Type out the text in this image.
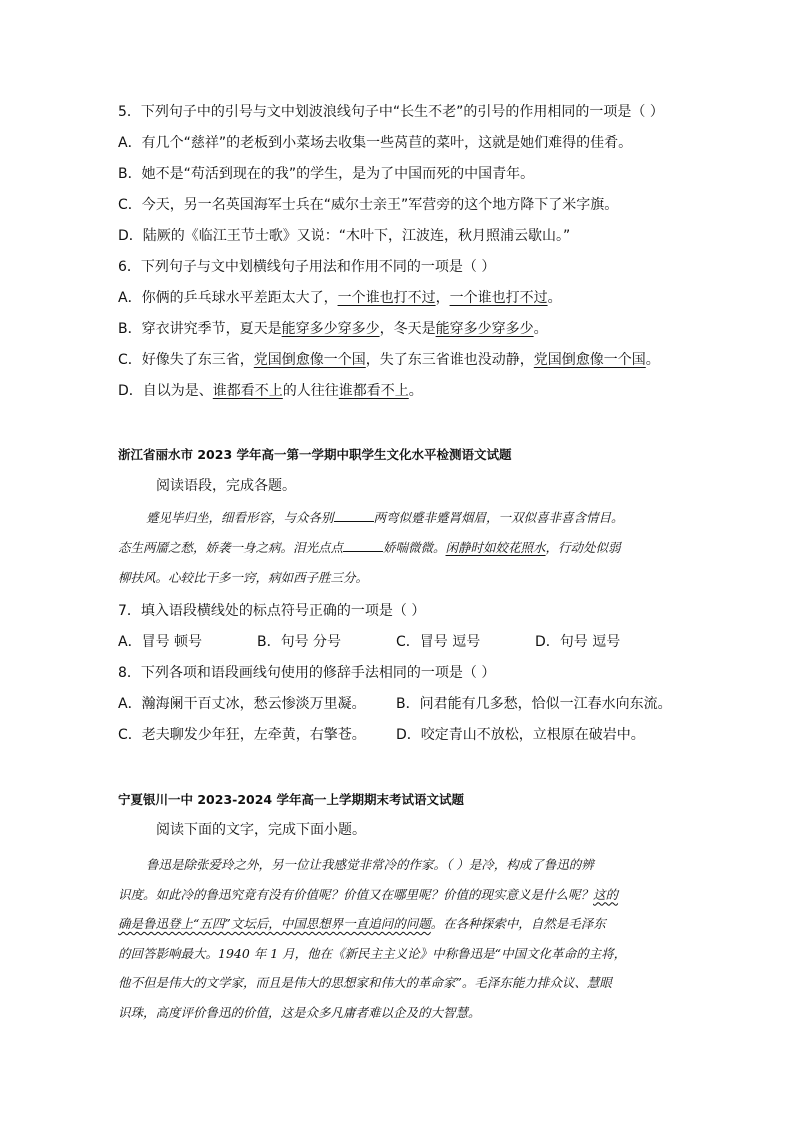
5．下列句子中的引号与文中划波浪线句子中“长生不老”的引号的作用相同的一项是（ ）
A．有几个“慈祥”的老板到小菜场去收集一些莴苣的菜叶，这就是她们难得的佳肴。
B．她不是“苟活到现在的我”的学生，是为了中国而死的中国青年。
C．今天，另一名英国海军士兵在“威尔士亲王”军营旁的这个地方降下了米字旗。
D．陆厥的《临江王节士歌》又说：“木叶下，江波连，秋月照浦云歇山。”
6．下列句子与文中划横线句子用法和作用不同的一项是（ ）
A．你俩的乒乓球水平差距太大了，一个谁也打不过，一个谁也打不过。
B．穿衣讲究季节，夏天是能穿多少穿多少，冬天是能穿多少穿多少。
C．好像失了东三省，党国倒愈像一个国，失了东三省谁也没动静，党国倒愈像一个国。
D．自以为是、谁都看不上的人往往谁都看不上。
浙江省丽水市 2023 学年高一第一学期中职学生文化水平检测语文试题
阅读语段，完成各题。
蹙见毕归坐，细看形容，与众各别	两弯似蹙非蹙罥烟眉，一双似喜非喜含情目。
态生两靥之愁，娇袭一身之病。泪光点点	娇喘微微。闲静时如姣花照水，行动处似弱
柳扶风。心较比干多一窍，病如西子胜三分。
7．填入语段横线处的标点符号正确的一项是（ ）
A．冒号 顿号	B．句号 分号	C．冒号 逗号	D．句号 逗号
8．下列各项和语段画线句使用的修辞手法相同的一项是（ ）
A．瀚海阑干百丈冰，愁云惨淡万里凝。 B．问君能有几多愁，恰似一江春水向东流。
C．老夫聊发少年狂，左牵黄，右擎苍。 D．咬定青山不放松，立根原在破岩中。
宁夏银川一中 2023-2024 学年高一上学期期末考试语文试题
阅读下面的文字，完成下面小题。
鲁迅是除张爱玲之外，另一位让我感觉非常冷的作家。（ ）是冷，构成了鲁迅的辨
识度。如此冷的鲁迅究竟有没有价值呢？价值又在哪里呢？价值的现实意义是什么呢？这的
确是鲁迅登上“五四”文坛后，中国思想界一直追问的问题。在各种探索中，自然是毛泽东
的回答影响最大。1940 年 1 月，他在《新民主主义论》中称鲁迅是“中国文化革命的主将，
他不但是伟大的文学家，而且是伟大的思想家和伟大的革命家”。毛泽东能力排众议、慧眼
识珠，高度评价鲁迅的价值，这是众多凡庸者难以企及的大智慧。
